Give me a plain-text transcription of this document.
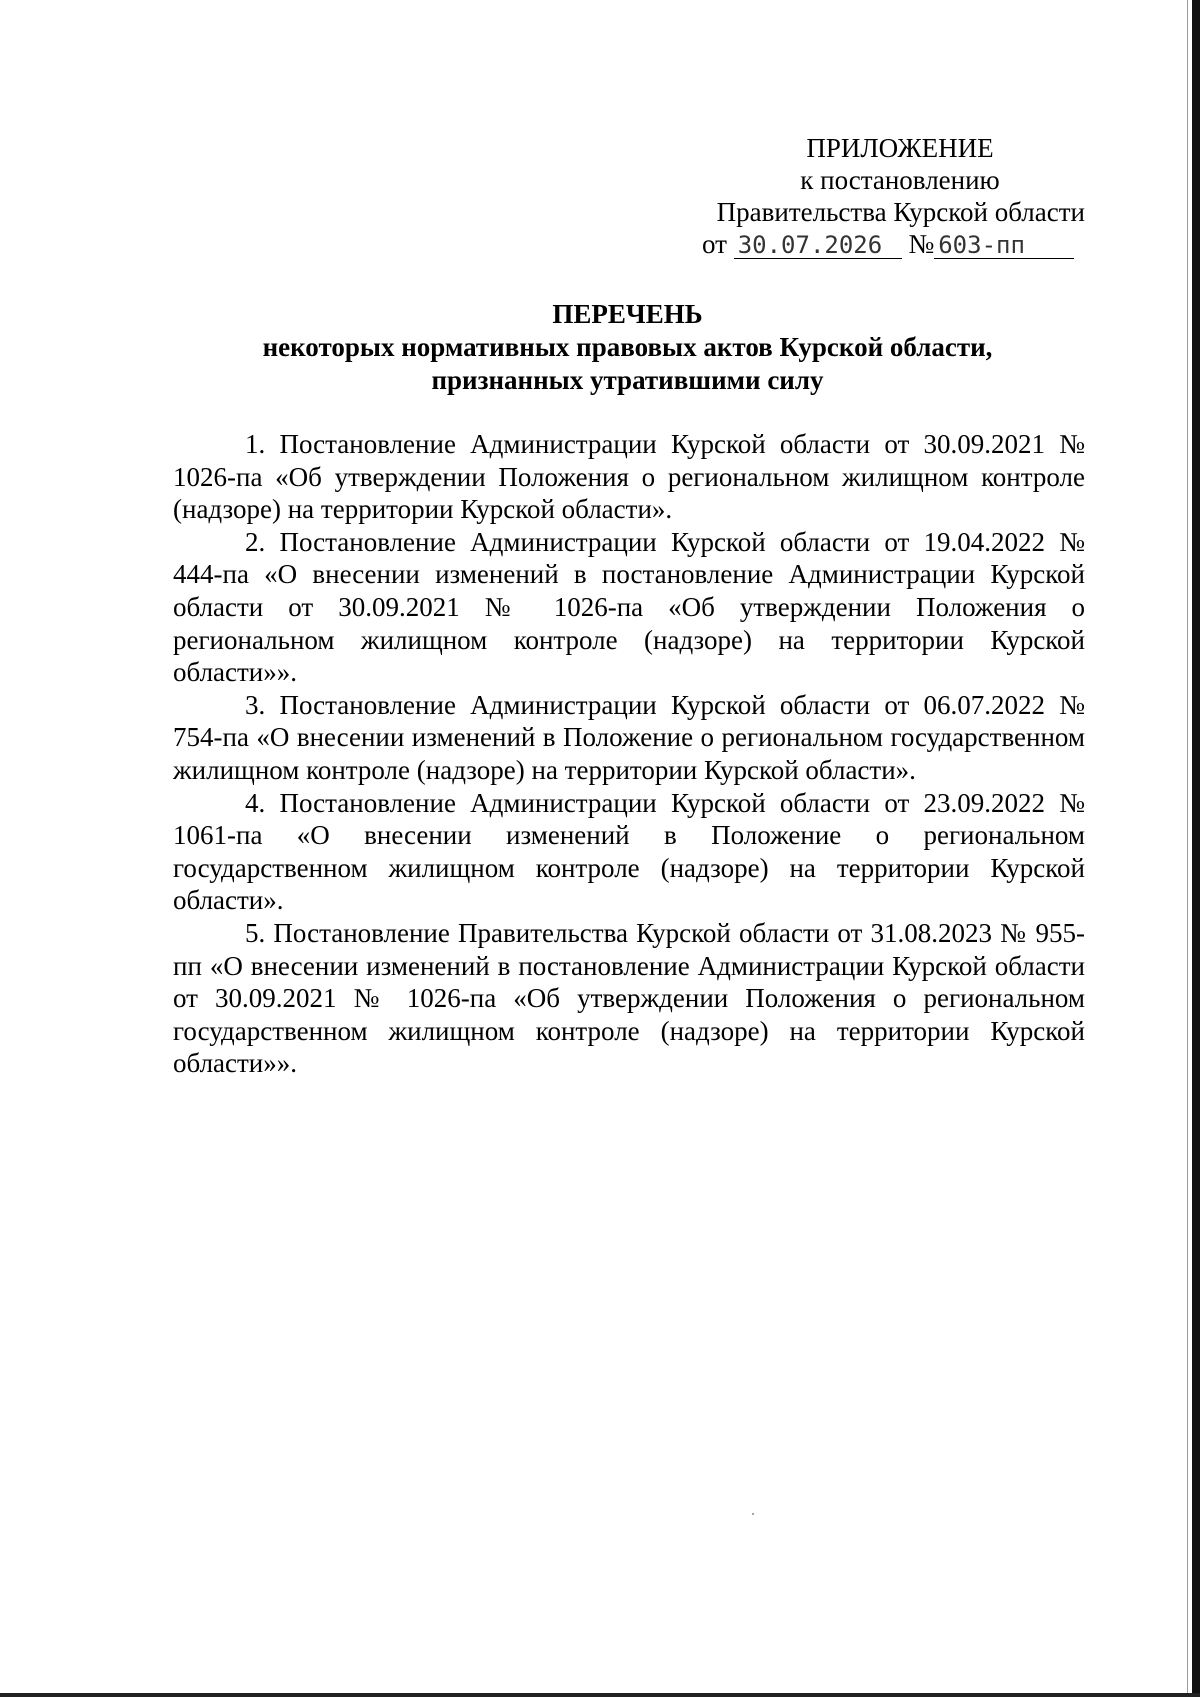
ПРИЛОЖЕНИЕ
к постановлению
Правительства Курской области
от 30.07.2026 № 603-пп
ПЕРЕЧЕНЬ
некоторых нормативных правовых актов Курской области,
признанных утратившими силу

1. Постановление Администрации Курской области от 30.09.2021 № 1026-па «Об утверждении Положения о региональном жилищном контроле (надзоре) на территории Курской области».

2. Постановление Администрации Курской области от 19.04.2022 № 444-па «О внесении изменений в постановление Администрации Курской области от 30.09.2021 № 1026-па «Об утверждении Положения о региональном жилищном контроле (надзоре) на территории Курской области»».

3. Постановление Администрации Курской области от 06.07.2022 № 754-па «О внесении изменений в Положение о региональном государственном жилищном контроле (надзоре) на территории Курской области».

4. Постановление Администрации Курской области от 23.09.2022 № 1061-па «О внесении изменений в Положение о региональном государственном жилищном контроле (надзоре) на территории Курской области».

5. Постановление Правительства Курской области от 31.08.2023 № 955-пп «О внесении изменений в постановление Администрации Курской области от 30.09.2021 № 1026-па «Об утверждении Положения о региональном государственном жилищном контроле (надзоре) на территории Курской области»».
